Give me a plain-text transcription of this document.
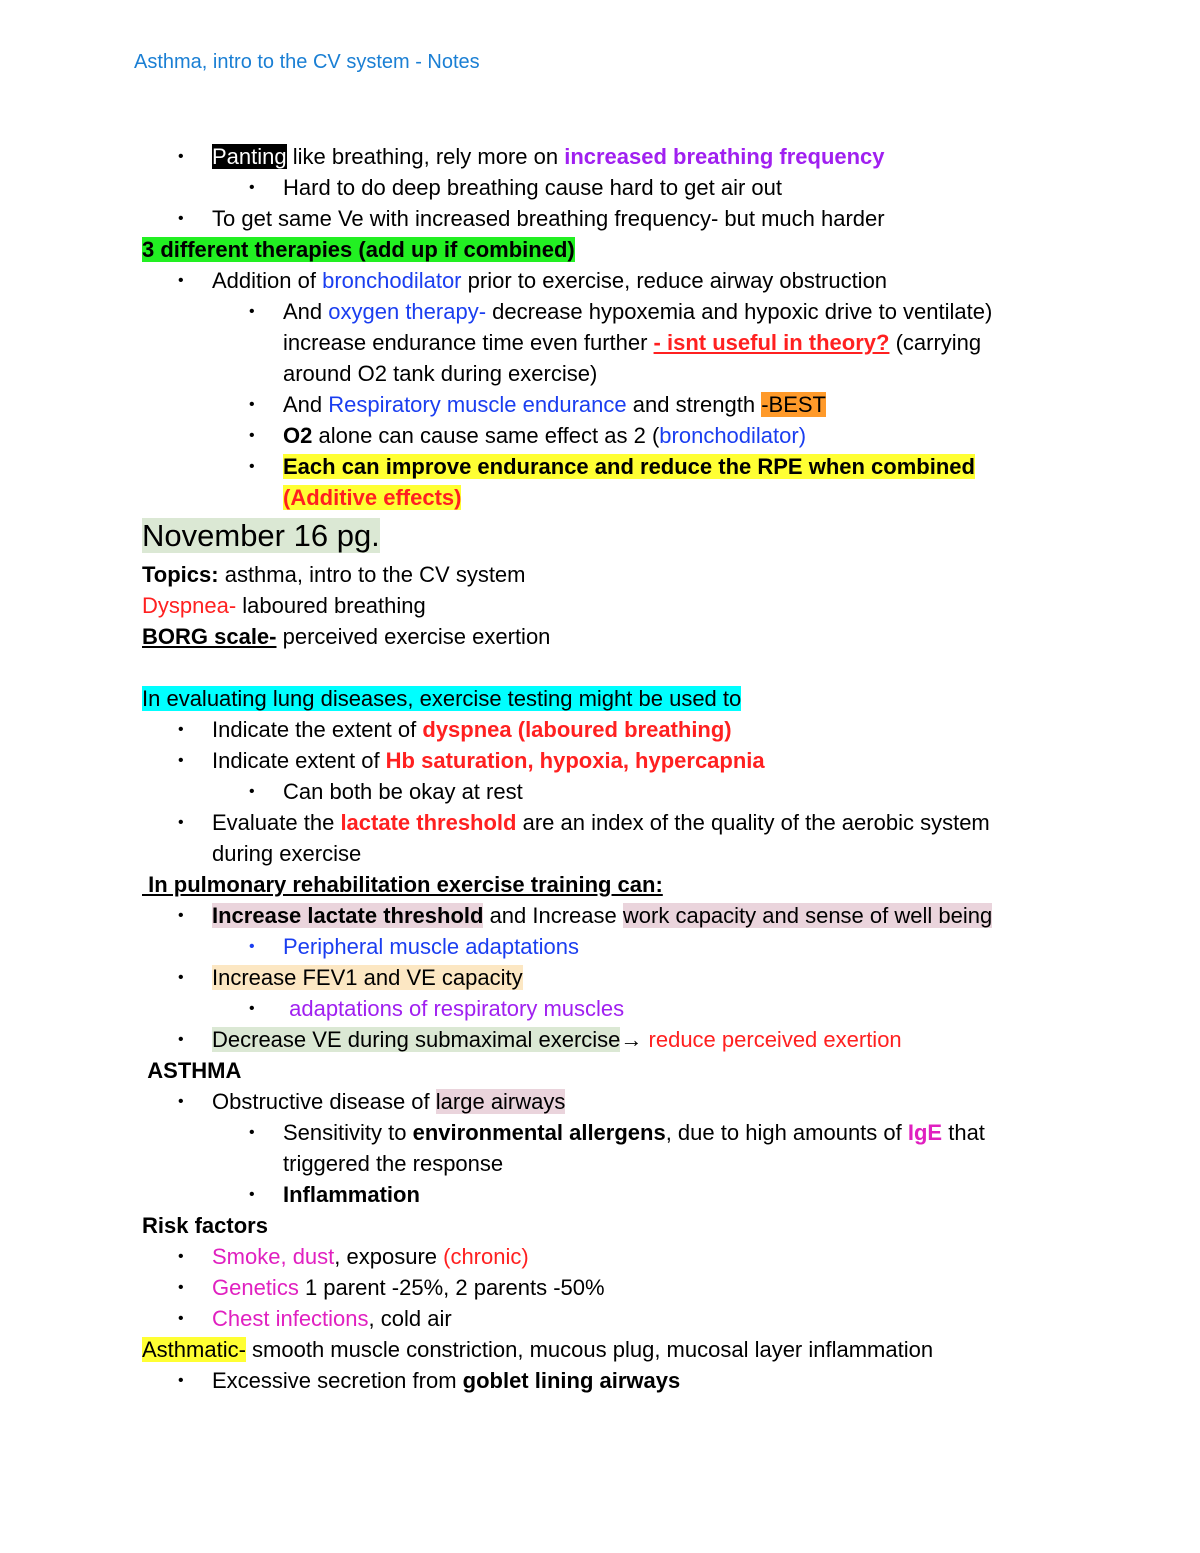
Asthma, intro to the CV system - Notes
• Panting like breathing, rely more on increased breathing frequency
• Hard to do deep breathing cause hard to get air out
• To get same Ve with increased breathing frequency- but much harder
3 different therapies (add up if combined)
• Addition of bronchodilator prior to exercise, reduce airway obstruction
• And oxygen therapy- decrease hypoxemia and hypoxic drive to ventilate)
increase endurance time even further - isnt useful in theory? (carrying
around O2 tank during exercise)
• And Respiratory muscle endurance and strength -BEST
• O2 alone can cause same effect as 2 (bronchodilator)
• Each can improve endurance and reduce the RPE when combined
(Additive effects)
November 16 pg.
Topics: asthma, intro to the CV system
Dyspnea- laboured breathing
BORG scale- perceived exercise exertion
In evaluating lung diseases, exercise testing might be used to
• Indicate the extent of dyspnea (laboured breathing)
• Indicate extent of Hb saturation, hypoxia, hypercapnia
• Can both be okay at rest
• Evaluate the lactate threshold are an index of the quality of the aerobic system
during exercise
In pulmonary rehabilitation exercise training can:
• Increase lactate threshold and Increase work capacity and sense of well being
• Peripheral muscle adaptations
• Increase FEV1 and VE capacity
• adaptations of respiratory muscles
• Decrease VE during submaximal exercise→ reduce perceived exertion
ASTHMA
• Obstructive disease of large airways
• Sensitivity to environmental allergens, due to high amounts of IgE that
triggered the response
• Inflammation
Risk factors
• Smoke, dust, exposure (chronic)
• Genetics 1 parent -25%, 2 parents -50%
• Chest infections, cold air
Asthmatic- smooth muscle constriction, mucous plug, mucosal layer inflammation
• Excessive secretion from goblet lining airways
